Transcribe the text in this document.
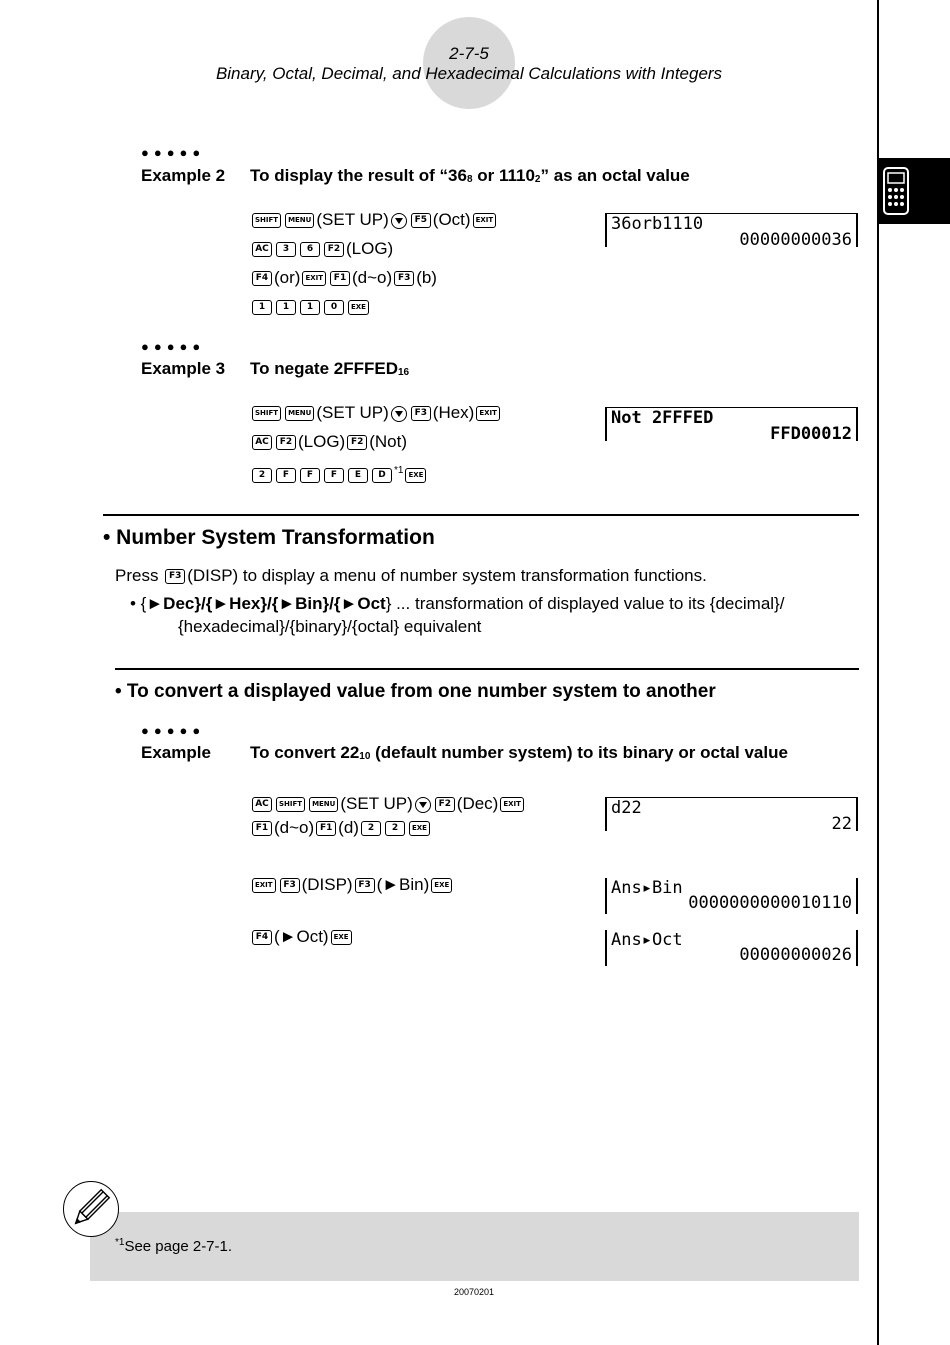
2-7-5
Binary, Octal, Decimal, and Hexadecimal Calculations with Integers
●●●●●
Example 2 To display the result of “$36_8$ or $1110_2$” as an octal value
SHIFT MENU (SET UP)	F5 (Oct) EXIT
AC 3 6 F2 (LOG)
F4 (or) EXIT F1 (d~o) F3 (b)
1 1 1 0 EXE
36orb1110
00000000036
●●●●●
Example 3 To negate $2FFFED_{16}$
SHIFT MENU (SET UP)	F3 (Hex) EXIT
AC F2 (LOG) F2 (Not)
2 F F F E D $^{*1}$ EXE
Not 2FFFED
FFD00012
• Number System Transformation
Press F3 (DISP) to display a menu of number system transformation functions.
• {►Dec}/{►Hex}/{►Bin}/{►Oct} ... transformation of displayed value to its {decimal}/
{hexadecimal}/{binary}/{octal} equivalent
• To convert a displayed value from one number system to another
●●●●●
Example To convert $22_{10}$ (default number system) to its binary or octal value
AC SHIFT MENU (SET UP)	F2 (Dec) EXIT
F1 (d~o) F1 (d) 2 2 EXE
d22
22
EXIT F3 (DISP) F3 (►Bin) EXE	Ans▸Bin
0000000000010110
F4 (►Oct) EXE	Ans▸Oct
00000000026
$^{*1}$See page 2-7-1.
20070201
